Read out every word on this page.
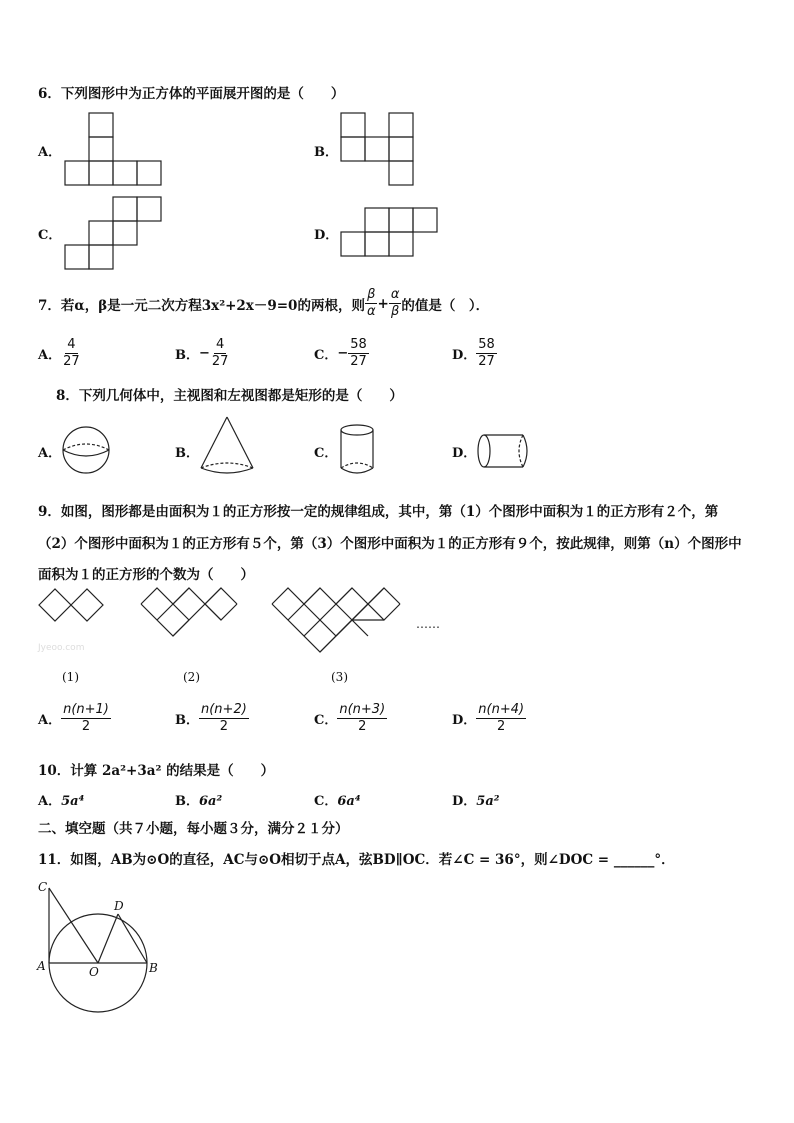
6．下列图形中为正方体的平面展开图的是（　　）
A．	B．
C．	D．
7．若α，β是一元二次方程3x²+2x－9=0的两根，则 $\frac{\beta}{\alpha} + \frac{\alpha}{\beta}$ 的值是（　）．
A． $\frac{4}{27}$	B． − $\frac{4}{27}$	C． − $\frac{58}{27}$	D． $\frac{58}{27}$
8．下列几何体中，主视图和左视图都是矩形的是（　　）
A．	B．	C．	D．
9．如图，图形都是由面积为１的正方形按一定的规律组成，其中，第（1）个图形中面积为１的正方形有２个，第
（2）个图形中面积为１的正方形有５个，第（3）个图形中面积为１的正方形有９个，按此规律，则第（n）个图形中
面积为１的正方形的个数为（　　）
……
Jyeoo.com
(1)	(2)	(3)
A． $\frac{n(n+1)}{2}$	B． $\frac{n(n+2)}{2}$	C． $\frac{n(n+3)}{2}$	D． $\frac{n(n+4)}{2}$
10．计算 2a²+3a² 的结果是（　　）
A．5a⁴	B．6a²	C．6a⁴	D．5a²
二、填空题（共７小题，每小题３分，满分２１分）
11．如图，AB为⊙O的直径，AC与⊙O相切于点A，弦BD∥OC．若∠C = 36°，则∠DOC = ______°．
C
D
A	O	B
